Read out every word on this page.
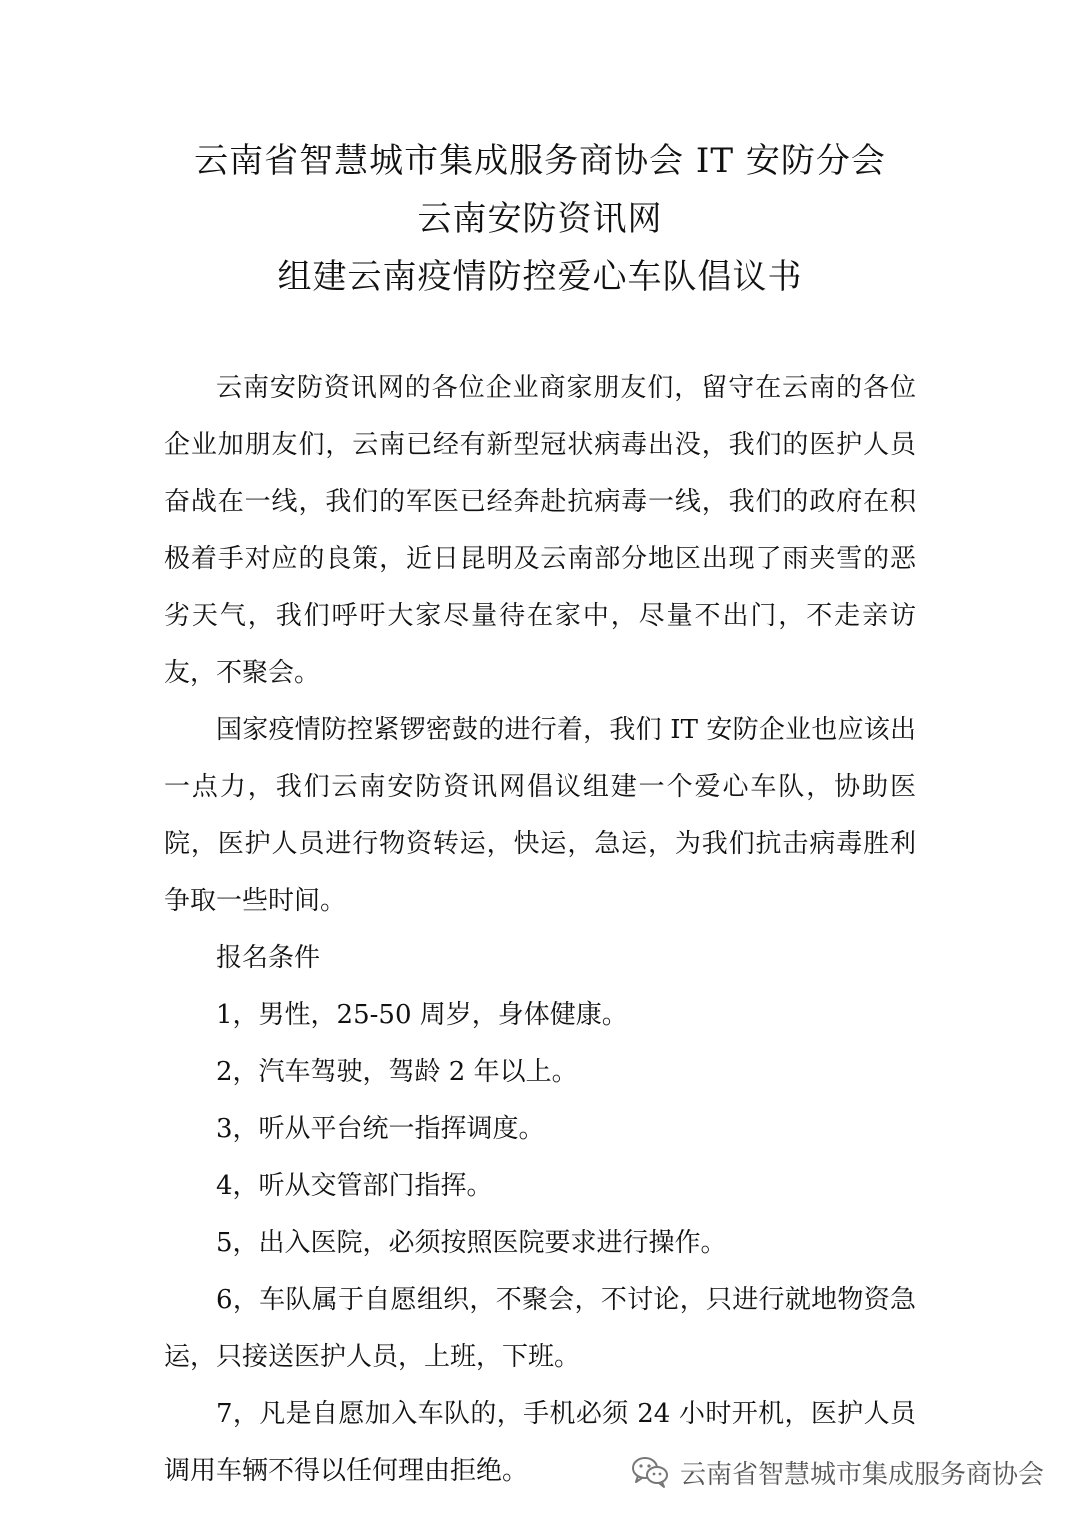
云南省智慧城市集成服务商协会 IT 安防分会
云南安防资讯网
组建云南疫情防控爱心车队倡议书

云南安防资讯网的各位企业商家朋友们，留守在云南的各位企业加朋友们，云南已经有新型冠状病毒出没，我们的医护人员奋战在一线，我们的军医已经奔赴抗病毒一线，我们的政府在积极着手对应的良策，近日昆明及云南部分地区出现了雨夹雪的恶劣天气，我们呼吁大家尽量待在家中，尽量不出门，不走亲访友，不聚会。

国家疫情防控紧锣密鼓的进行着，我们 IT 安防企业也应该出一点力，我们云南安防资讯网倡议组建一个爱心车队，协助医院，医护人员进行物资转运，快运，急运，为我们抗击病毒胜利争取一些时间。

报名条件

1，男性，25-50 周岁，身体健康。

2，汽车驾驶，驾龄 2 年以上。

3，听从平台统一指挥调度。

4，听从交管部门指挥。

5，出入医院，必须按照医院要求进行操作。

6，车队属于自愿组织，不聚会，不讨论，只进行就地物资急运，只接送医护人员，上班，下班。

7，凡是自愿加入车队的，手机必须 24 小时开机，医护人员调用车辆不得以任何理由拒绝。	云南省智慧城市集成服务商协会
